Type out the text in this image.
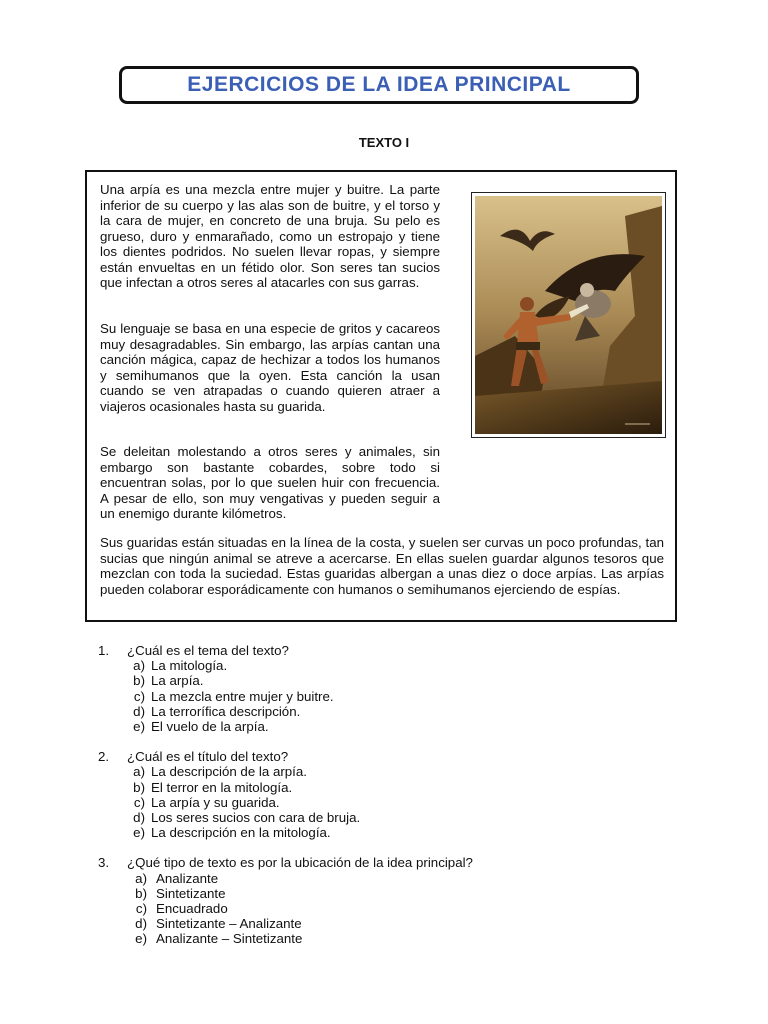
EJERCICIOS DE LA IDEA PRINCIPAL
TEXTO I

Una arpía es una mezcla entre mujer y buitre. La parte inferior de su cuerpo y las alas son de buitre, y el torso y la cara de mujer, en concreto de una bruja. Su pelo es grueso, duro y enmarañado, como un estropajo y tiene los dientes podridos. No suelen llevar ropas, y siempre están envueltas en un fétido olor. Son seres tan sucios que infectan a otros seres al atacarles con sus garras.

Su lenguaje se basa en una especie de gritos y cacareos muy desagradables. Sin embargo, las arpías cantan una canción mágica, capaz de hechizar a todos los humanos y semihumanos que la oyen. Esta canción la usan cuando se ven atrapadas o cuando quieren atraer a viajeros ocasionales hasta su guarida.

Se deleitan molestando a otros seres y animales, sin embargo son bastante cobardes, sobre todo si encuentran solas, por lo que suelen huir con frecuencia. A pesar de ello, son muy vengativas y pueden seguir a un enemigo durante kilómetros.

Sus guaridas están situadas en la línea de la costa, y suelen ser curvas un poco profundas, tan sucias que ningún animal se atreve a acercarse. En ellas suelen guardar algunos tesoros que mezclan con toda la suciedad. Estas guaridas albergan a unas diez o doce arpías. Las arpías pueden colaborar esporádicamente con humanos o semihumanos ejerciendo de espías.

1.	¿Cuál es el tema del texto?
a) La mitología.
b) La arpía.
c) La mezcla entre mujer y buitre.
d) La terrorífica descripción.
e) El vuelo de la arpía.
2.	¿Cuál es el título del texto?
a) La descripción de la arpía.
b) El terror en la mitología.
c) La arpía y su guarida.
d) Los seres sucios con cara de bruja.
e) La descripción en la mitología.
3.	¿Qué tipo de texto es por la ubicación de la idea principal?
a) Analizante
b) Sintetizante
c) Encuadrado
d) Sintetizante – Analizante
e) Analizante – Sintetizante
